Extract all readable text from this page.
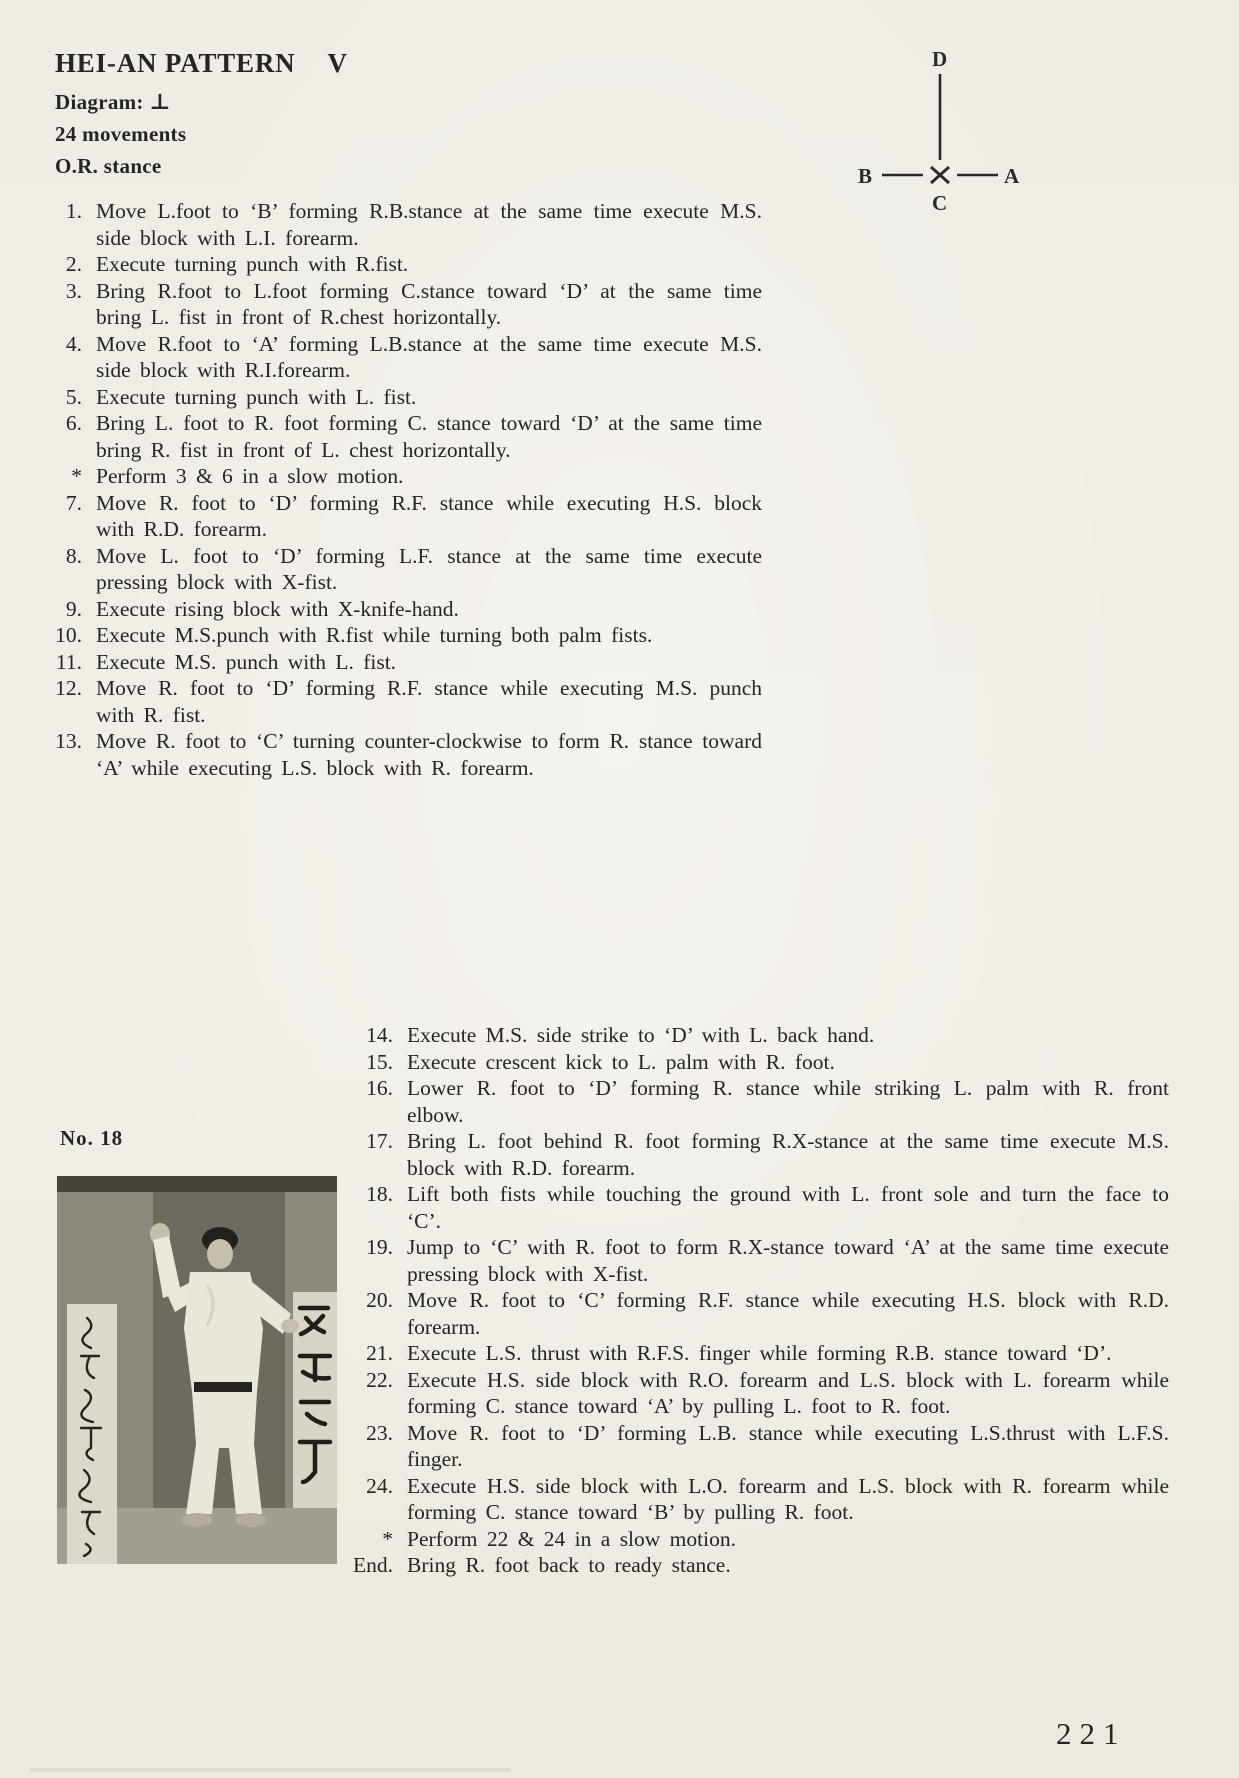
HEI-AN PATTERN V
Diagram: ⊥
24 movements
O.R. stance
D
B	A
C
1. Move L.foot to ‘B’ forming R.B.stance at the same time execute M.S. side block with L.I. forearm.
2. Execute turning punch with R.fist.
3. Bring R.foot to L.foot forming C.stance toward ‘D’ at the same time bring L. fist in front of R.chest horizontally.
4. Move R.foot to ‘A’ forming L.B.stance at the same time execute M.S. side block with R.I.forearm.
5. Execute turning punch with L. fist.
6. Bring L. foot to R. foot forming C. stance toward ‘D’ at the same time bring R. fist in front of L. chest horizontally.
* Perform 3 & 6 in a slow motion.
7. Move R. foot to ‘D’ forming R.F. stance while executing H.S. block with R.D. forearm.
8. Move L. foot to ‘D’ forming L.F. stance at the same time execute pressing block with X-fist.
9. Execute rising block with X-knife-hand.
10. Execute M.S.punch with R.fist while turning both palm fists.
11. Execute M.S. punch with L. fist.
12. Move R. foot to ‘D’ forming R.F. stance while executing M.S. punch with R. fist.
13. Move R. foot to ‘C’ turning counter-clockwise to form R. stance toward ‘A’ while executing L.S. block with R. forearm.
No. 18
14. Execute M.S. side strike to ‘D’ with L. back hand.
15. Execute crescent kick to L. palm with R. foot.
16. Lower R. foot to ‘D’ forming R. stance while striking L. palm with R. front elbow.
17. Bring L. foot behind R. foot forming R.X-stance at the same time execute M.S. block with R.D. forearm.
18. Lift both fists while touching the ground with L. front sole and turn the face to ‘C’.
19. Jump to ‘C’ with R. foot to form R.X-stance toward ‘A’ at the same time execute pressing block with X-fist.
20. Move R. foot to ‘C’ forming R.F. stance while executing H.S. block with R.D. forearm.
21. Execute L.S. thrust with R.F.S. finger while forming R.B. stance toward ‘D’.
22. Execute H.S. side block with R.O. forearm and L.S. block with L. forearm while forming C. stance toward ‘A’ by pulling L. foot to R. foot.
23. Move R. foot to ‘D’ forming L.B. stance while executing L.S.thrust with L.F.S. finger.
24. Execute H.S. side block with L.O. forearm and L.S. block with R. forearm while forming C. stance toward ‘B’ by pulling R. foot.
* Perform 22 & 24 in a slow motion.
End. Bring R. foot back to ready stance.
221
